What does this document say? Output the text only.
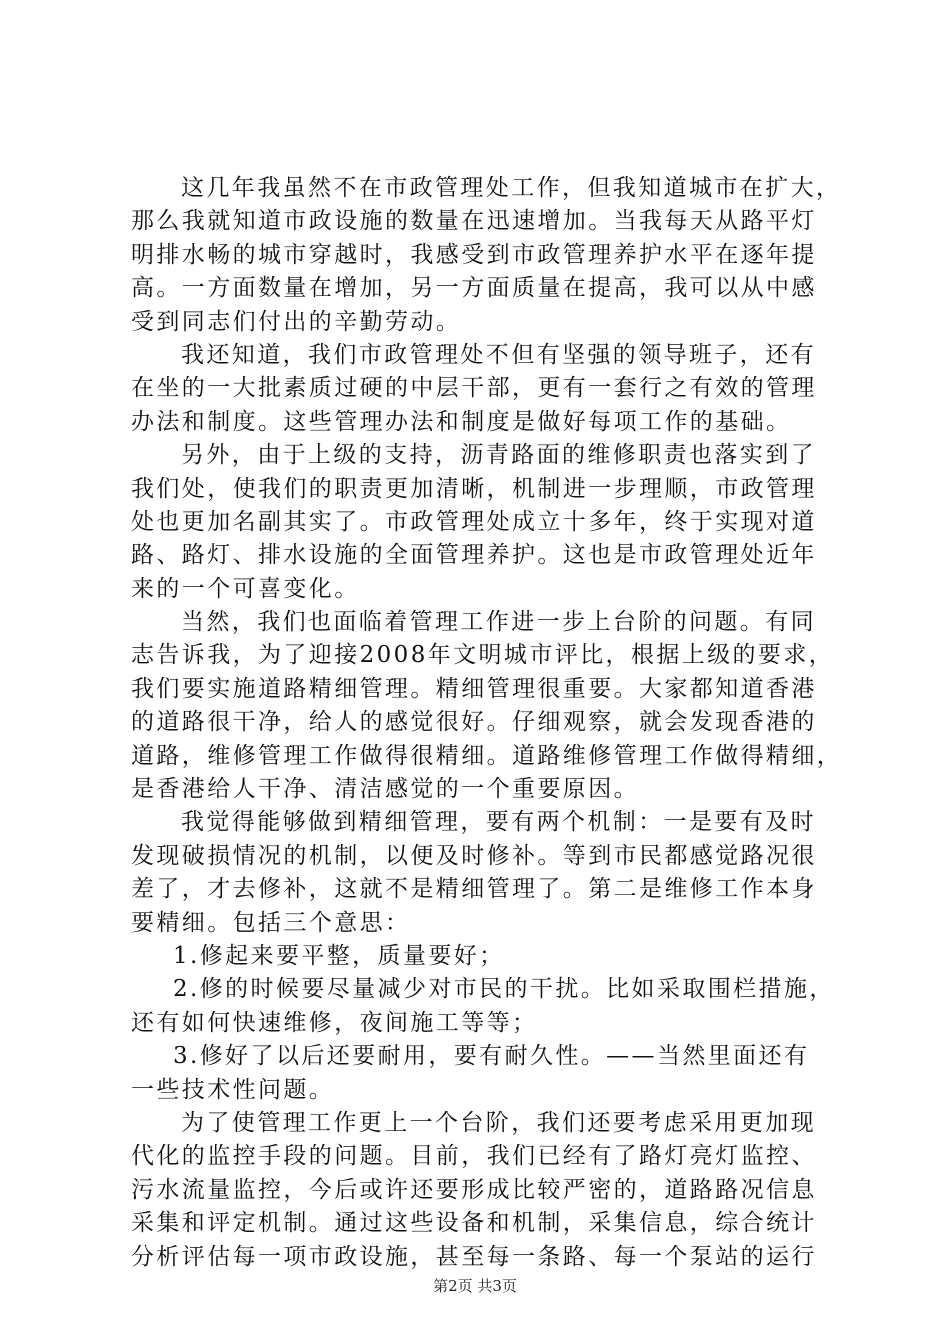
这几年我虽然不在市政管理处工作，但我知道城市在扩大，
那么我就知道市政设施的数量在迅速增加。当我每天从路平灯
明排水畅的城市穿越时，我感受到市政管理养护水平在逐年提
高。一方面数量在增加，另一方面质量在提高，我可以从中感
受到同志们付出的辛勤劳动。
我还知道，我们市政管理处不但有坚强的领导班子，还有
在坐的一大批素质过硬的中层干部，更有一套行之有效的管理
办法和制度。这些管理办法和制度是做好每项工作的基础。
另外，由于上级的支持，沥青路面的维修职责也落实到了
我们处，使我们的职责更加清晰，机制进一步理顺，市政管理
处也更加名副其实了。市政管理处成立十多年，终于实现对道
路、路灯、排水设施的全面管理养护。这也是市政管理处近年
来的一个可喜变化。
当然，我们也面临着管理工作进一步上台阶的问题。有同
志告诉我，为了迎接2008年文明城市评比，根据上级的要求，
我们要实施道路精细管理。精细管理很重要。大家都知道香港
的道路很干净，给人的感觉很好。仔细观察，就会发现香港的
道路，维修管理工作做得很精细。道路维修管理工作做得精细，
是香港给人干净、清洁感觉的一个重要原因。
我觉得能够做到精细管理，要有两个机制：一是要有及时
发现破损情况的机制，以便及时修补。等到市民都感觉路况很
差了，才去修补，这就不是精细管理了。第二是维修工作本身
要精细。包括三个意思：
1.修起来要平整，质量要好；
2.修的时候要尽量减少对市民的干扰。比如采取围栏措施，
还有如何快速维修，夜间施工等等；
3.修好了以后还要耐用，要有耐久性。——当然里面还有
一些技术性问题。
为了使管理工作更上一个台阶，我们还要考虑采用更加现
代化的监控手段的问题。目前，我们已经有了路灯亮灯监控、
污水流量监控，今后或许还要形成比较严密的，道路路况信息
采集和评定机制。通过这些设备和机制，采集信息，综合统计
分析评估每一项市政设施，甚至每一条路、每一个泵站的运行
第2页 共3页
